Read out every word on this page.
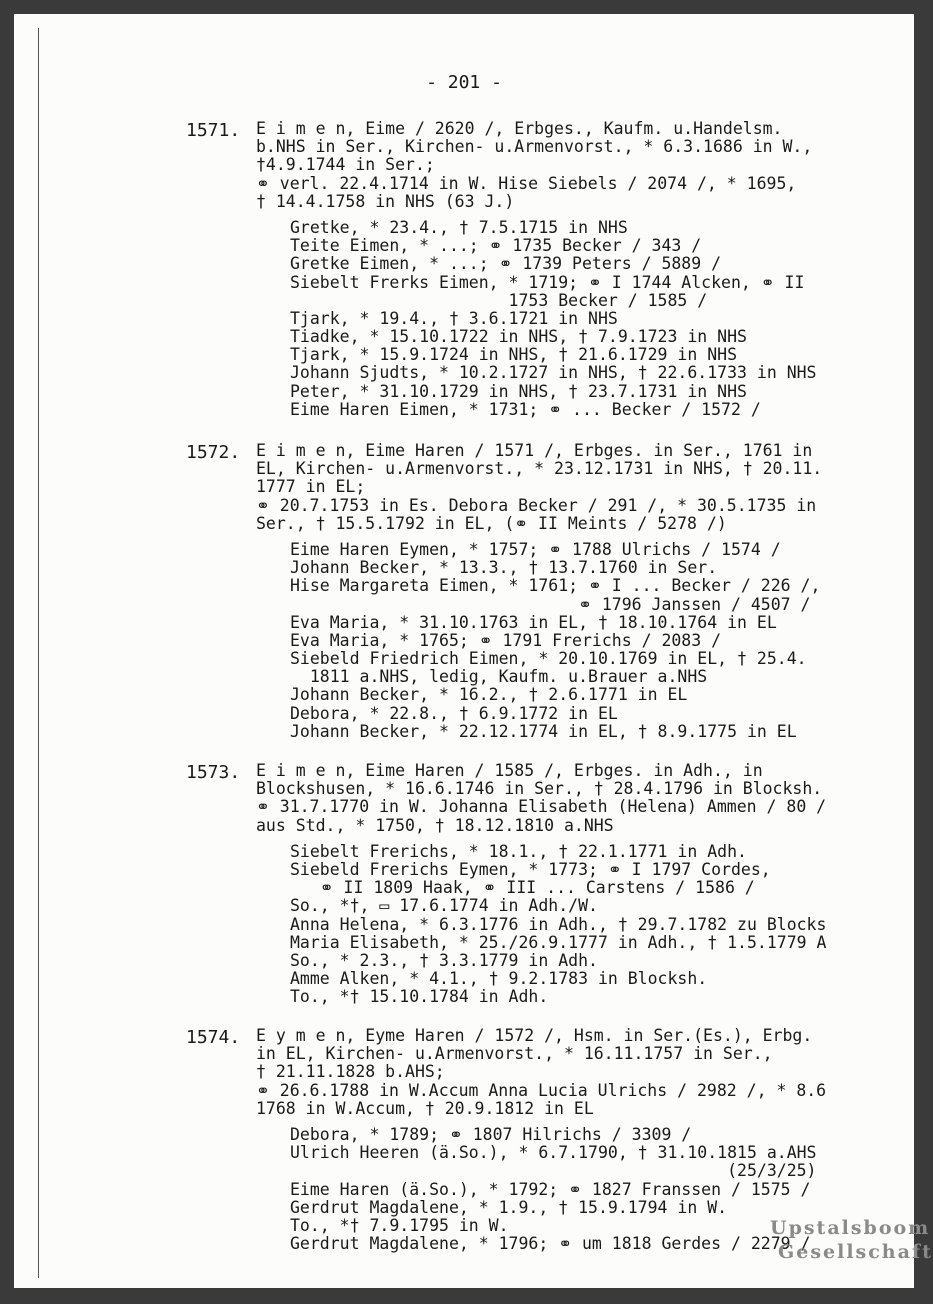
- 201 -
1571. E i m e n, Eime / 2620 /, Erbges., Kaufm. u.Handelsm.
b.NHS in Ser., Kirchen- u.Armenvorst., * 6.3.1686 in W.,
†4.9.1744 in Ser.;
⚭ verl. 22.4.1714 in W. Hise Siebels / 2074 /, * 1695,
† 14.4.1758 in NHS (63 J.)
Gretke, * 23.4., † 7.5.1715 in NHS
Teite Eimen, * ...; ⚭ 1735 Becker / 343 /
Gretke Eimen, * ...; ⚭ 1739 Peters / 5889 /
Siebelt Frerks Eimen, * 1719; ⚭ I 1744 Alcken, ⚭ II
1753 Becker / 1585 /
Tjark, * 19.4., † 3.6.1721 in NHS
Tiadke, * 15.10.1722 in NHS, † 7.9.1723 in NHS
Tjark, * 15.9.1724 in NHS, † 21.6.1729 in NHS
Johann Sjudts, * 10.2.1727 in NHS, † 22.6.1733 in NHS
Peter, * 31.10.1729 in NHS, † 23.7.1731 in NHS
Eime Haren Eimen, * 1731; ⚭ ... Becker / 1572 /
1572. E i m e n, Eime Haren / 1571 /, Erbges. in Ser., 1761 in
EL, Kirchen- u.Armenvorst., * 23.12.1731 in NHS, † 20.11.
1777 in EL;
⚭ 20.7.1753 in Es. Debora Becker / 291 /, * 30.5.1735 in
Ser., † 15.5.1792 in EL, (⚭ II Meints / 5278 /)
Eime Haren Eymen, * 1757; ⚭ 1788 Ulrichs / 1574 /
Johann Becker, * 13.3., † 13.7.1760 in Ser.
Hise Margareta Eimen, * 1761; ⚭ I ... Becker / 226 /,
⚭ 1796 Janssen / 4507 /
Eva Maria, * 31.10.1763 in EL, † 18.10.1764 in EL
Eva Maria, * 1765; ⚭ 1791 Frerichs / 2083 /
Siebeld Friedrich Eimen, * 20.10.1769 in EL, † 25.4.
1811 a.NHS, ledig, Kaufm. u.Brauer a.NHS
Johann Becker, * 16.2., † 2.6.1771 in EL
Debora, * 22.8., † 6.9.1772 in EL
Johann Becker, * 22.12.1774 in EL, † 8.9.1775 in EL
1573. E i m e n, Eime Haren / 1585 /, Erbges. in Adh., in
Blockshusen, * 16.6.1746 in Ser., † 28.4.1796 in Blocksh.
⚭ 31.7.1770 in W. Johanna Elisabeth (Helena) Ammen / 80 /
aus Std., * 1750, † 18.12.1810 a.NHS
Siebelt Frerichs, * 18.1., † 22.1.1771 in Adh.
Siebeld Frerichs Eymen, * 1773; ⚭ I 1797 Cordes,
⚭ II 1809 Haak, ⚭ III ... Carstens / 1586 /
So., *†, ▭ 17.6.1774 in Adh./W.
Anna Helena, * 6.3.1776 in Adh., † 29.7.1782 zu Blocks
Maria Elisabeth, * 25./26.9.1777 in Adh., † 1.5.1779 A
So., * 2.3., † 3.3.1779 in Adh.
Amme Alken, * 4.1., † 9.2.1783 in Blocksh.
To., *† 15.10.1784 in Adh.
1574. E y m e n, Eyme Haren / 1572 /, Hsm. in Ser.(Es.), Erbg.
in EL, Kirchen- u.Armenvorst., * 16.11.1757 in Ser.,
† 21.11.1828 b.AHS;
⚭ 26.6.1788 in W.Accum Anna Lucia Ulrichs / 2982 /, * 8.6
1768 in W.Accum, † 20.9.1812 in EL
Debora, * 1789; ⚭ 1807 Hilrichs / 3309 /
Ulrich Heeren (ä.So.), * 6.7.1790, † 31.10.1815 a.AHS
(25/3/25)
Eime Haren (ä.So.), * 1792; ⚭ 1827 Franssen / 1575 /
Gerdrut Magdalene, * 1.9., † 15.9.1794 in W.
To., *† 7.9.1795 in W.
Gerdrut Magdalene, * 1796; ⚭ um 1818 Gerdes / 2279 /
Upstalsboom
Gesellschaft
